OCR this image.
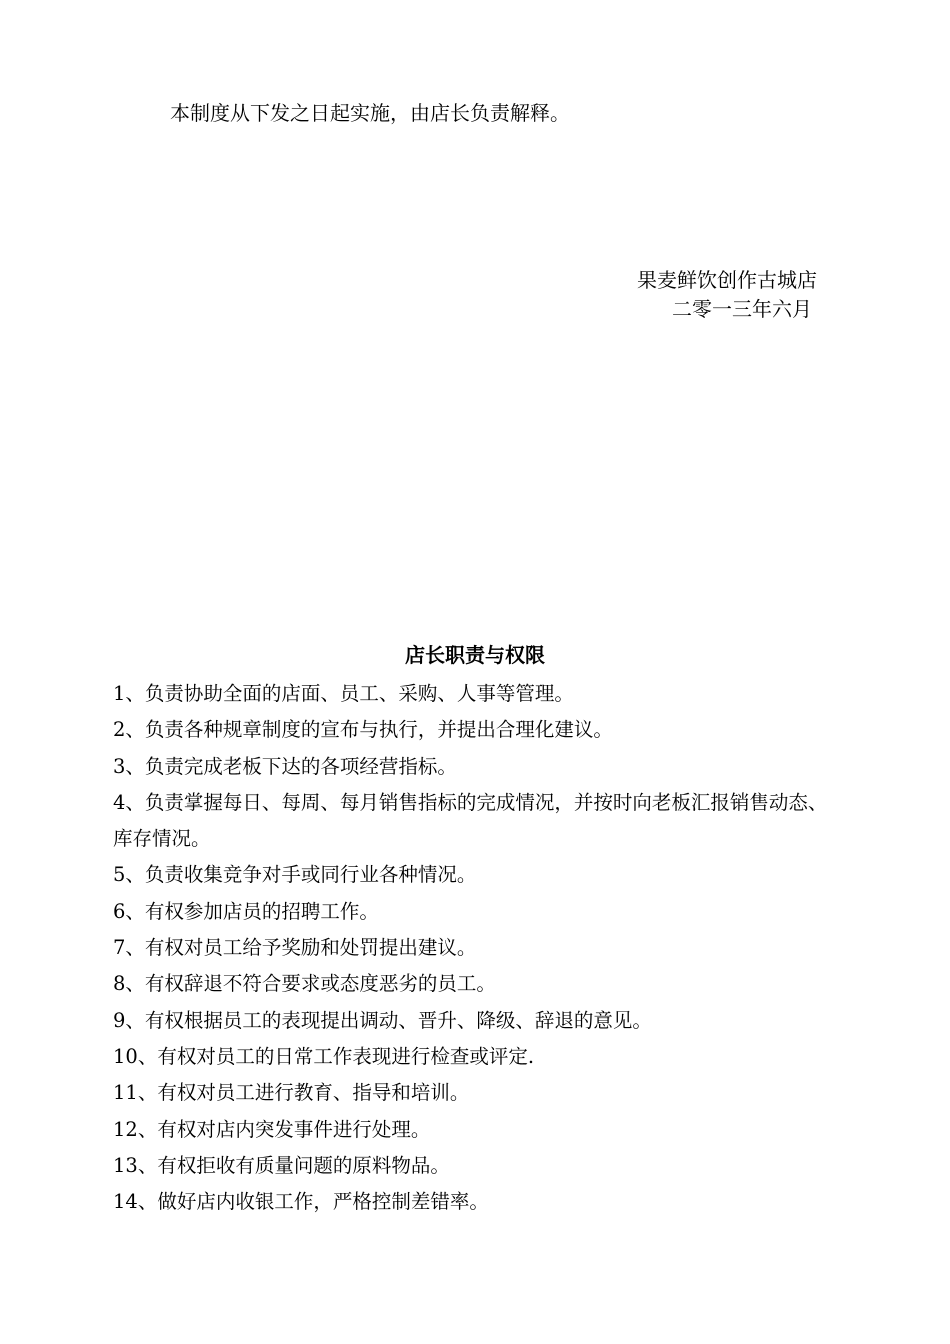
本制度从下发之日起实施，由店长负责解释。

果麦鲜饮创作古城店
二零一三年六月
店长职责与权限
1、负责协助全面的店面、员工、采购、人事等管理。
2、负责各种规章制度的宣布与执行，并提出合理化建议。
3、负责完成老板下达的各项经营指标。
4、负责掌握每日、每周、每月销售指标的完成情况，并按时向老板汇报销售动态、库存情况。
5、负责收集竞争对手或同行业各种情况。
6、有权参加店员的招聘工作。
7、有权对员工给予奖励和处罚提出建议。
8、有权辞退不符合要求或态度恶劣的员工。
9、有权根据员工的表现提出调动、晋升、降级、辞退的意见。
10、有权对员工的日常工作表现进行检查或评定.
11、有权对员工进行教育、指导和培训。
12、有权对店内突发事件进行处理。
13、有权拒收有质量问题的原料物品。
14、做好店内收银工作，严格控制差错率。
